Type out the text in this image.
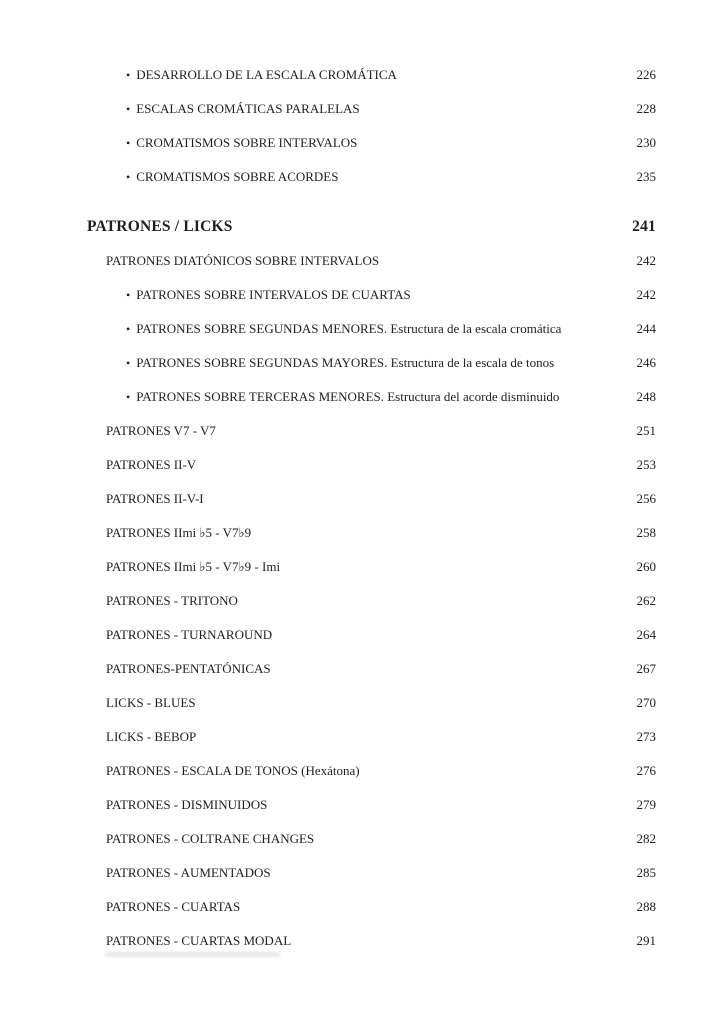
• DESARROLLO DE LA ESCALA CROMÁTICA	226
• ESCALAS CROMÁTICAS PARALELAS	228
• CROMATISMOS SOBRE INTERVALOS	230
• CROMATISMOS SOBRE ACORDES	235
PATRONES / LICKS	241
PATRONES DIATÓNICOS SOBRE INTERVALOS	242
• PATRONES SOBRE INTERVALOS DE CUARTAS	242
• PATRONES SOBRE SEGUNDAS MENORES. Estructura de la escala cromática	244
• PATRONES SOBRE SEGUNDAS MAYORES. Estructura de la escala de tonos	246
• PATRONES SOBRE TERCERAS MENORES. Estructura del acorde disminuido	248
PATRONES V7 - V7	251
PATRONES II-V	253
PATRONES II-V-I	256
PATRONES IImi ♭5 - V7♭9	258
PATRONES IImi ♭5 - V7♭9 - Imi	260
PATRONES - TRITONO	262
PATRONES - TURNAROUND	264
PATRONES-PENTATÓNICAS	267
LICKS - BLUES	270
LICKS - BEBOP	273
PATRONES - ESCALA DE TONOS (Hexátona)	276
PATRONES - DISMINUIDOS	279
PATRONES - COLTRANE CHANGES	282
PATRONES - AUMENTADOS	285
PATRONES - CUARTAS	288
PATRONES - CUARTAS MODAL	291
